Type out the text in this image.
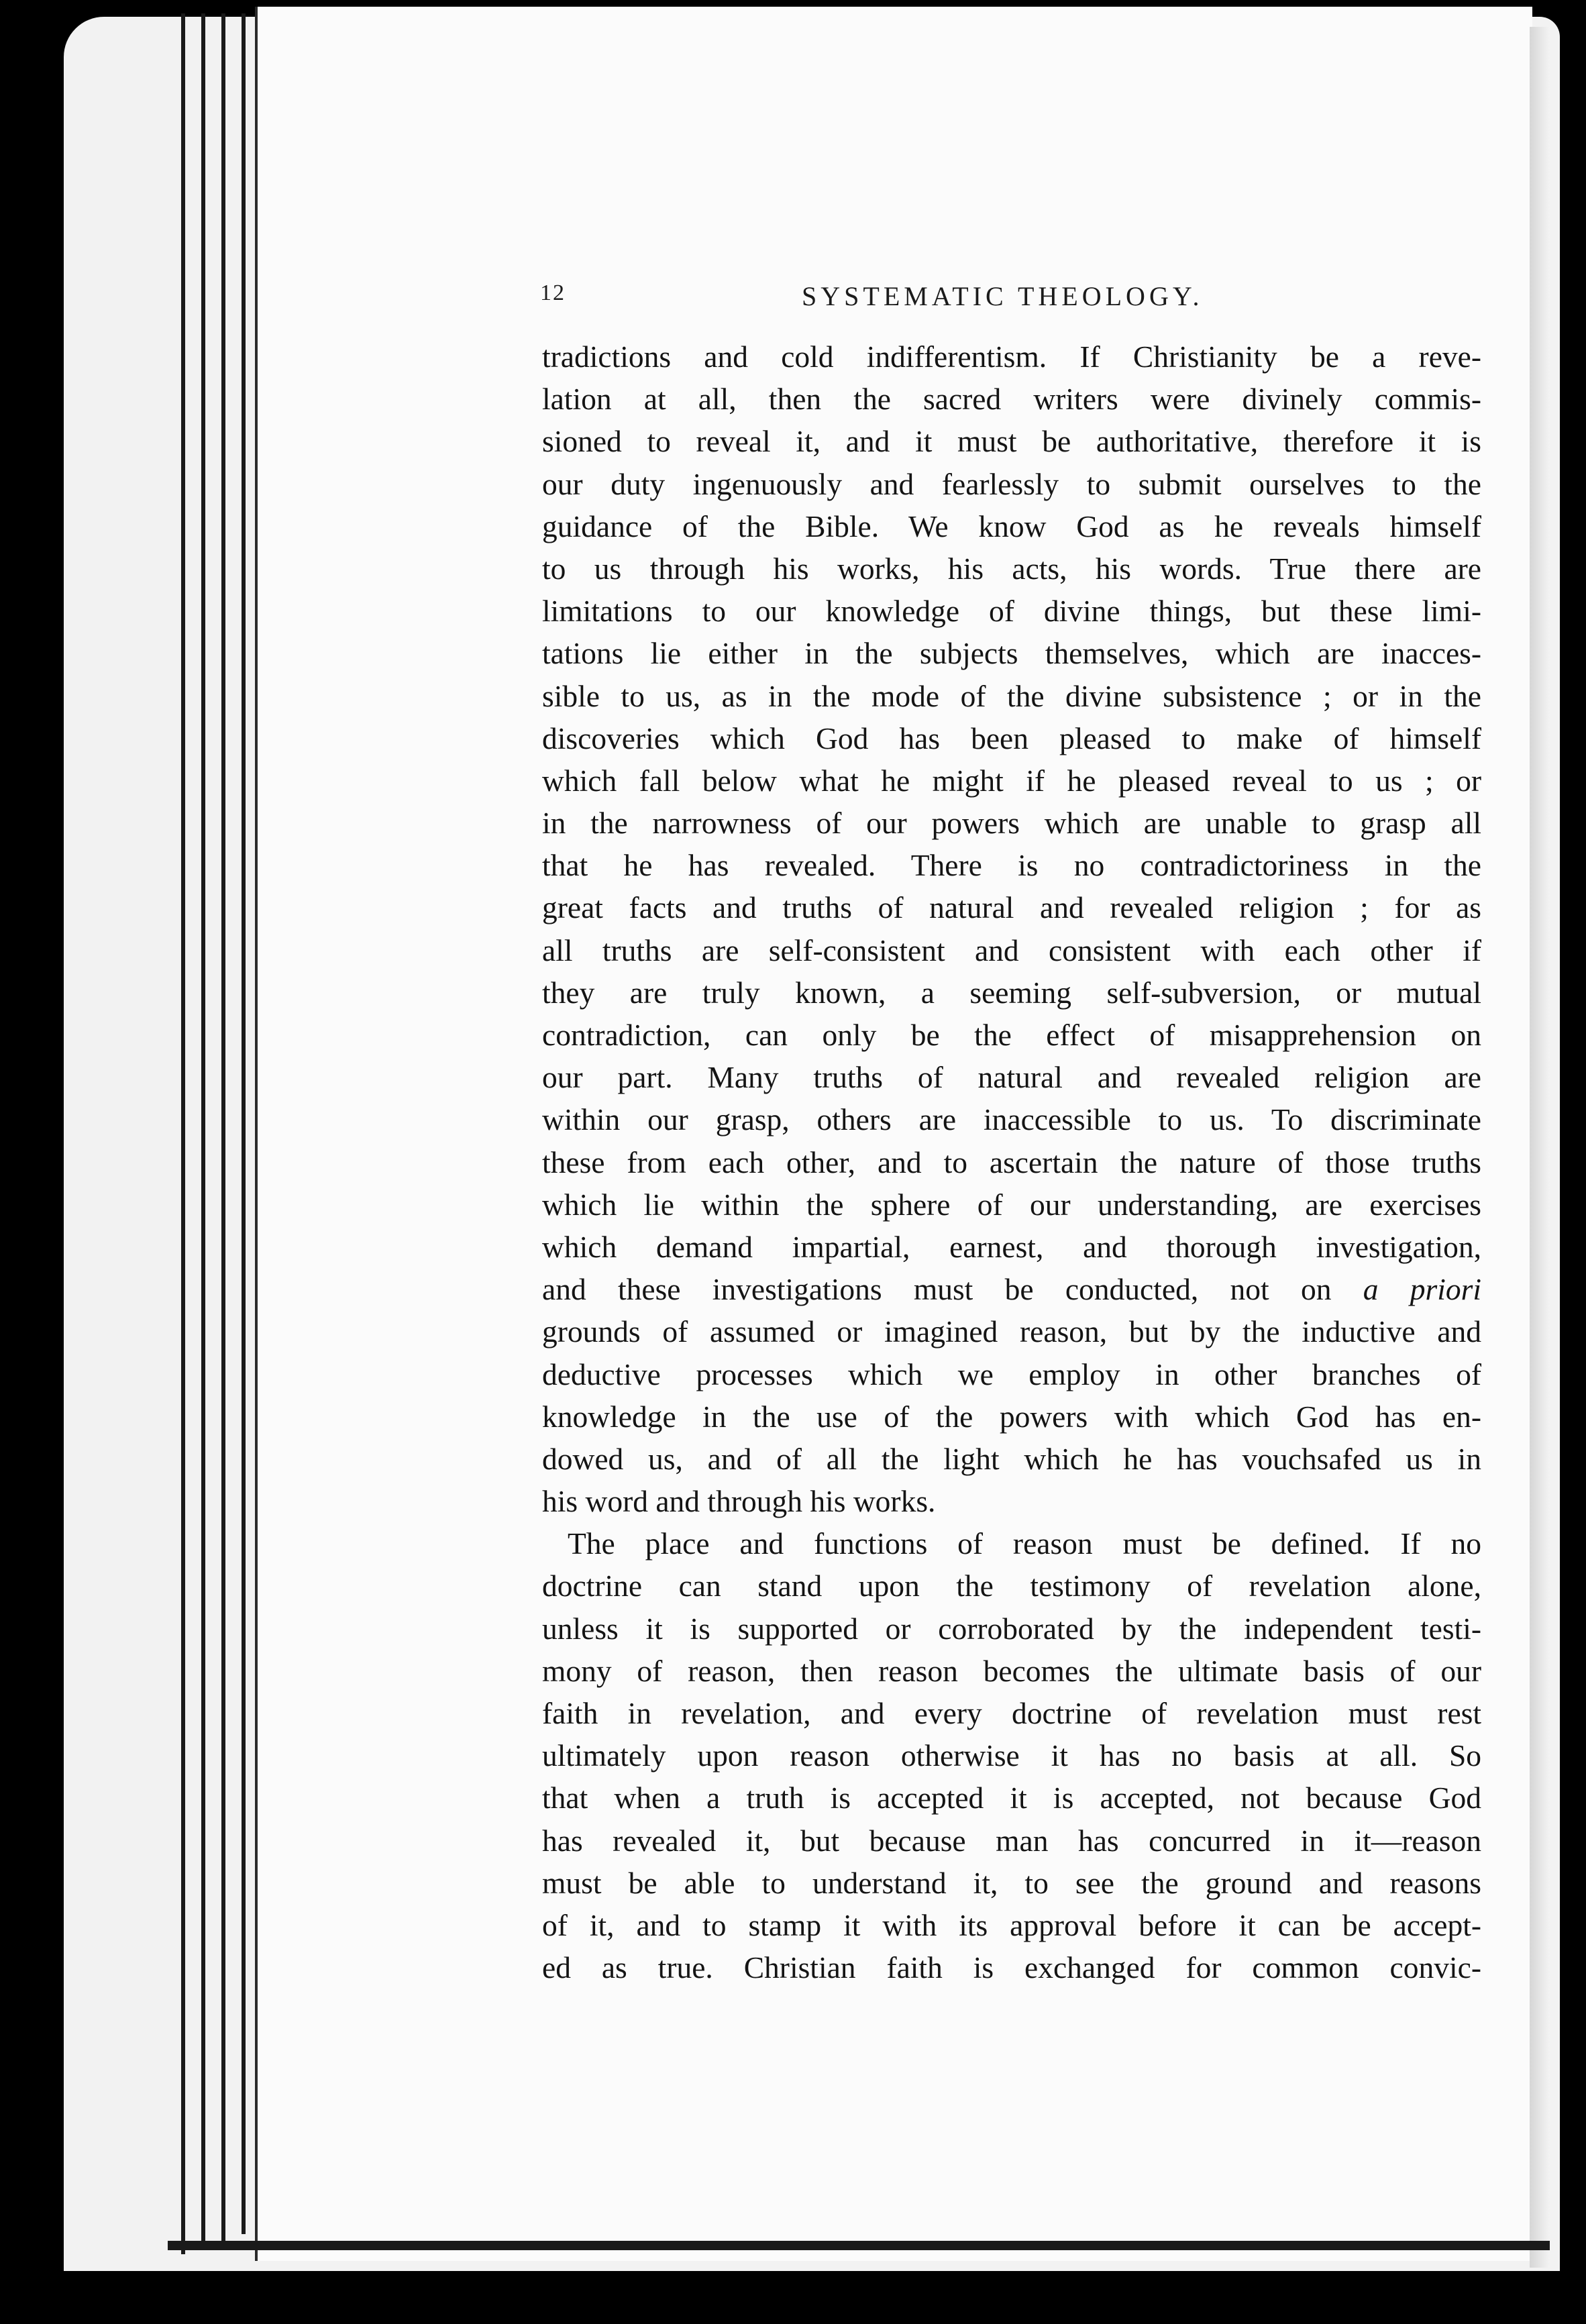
12	SYSTEMATIC THEOLOGY.
tradictions and cold indifferentism. If Christianity be a reve-
lation at all, then the sacred writers were divinely commis-
sioned to reveal it, and it must be authoritative, therefore it is
our duty ingenuously and fearlessly to submit ourselves to the
guidance of the Bible. We know God as he reveals himself
to us through his works, his acts, his words. True there are
limitations to our knowledge of divine things, but these limi-
tations lie either in the subjects themselves, which are inacces-
sible to us, as in the mode of the divine subsistence ; or in the
discoveries which God has been pleased to make of himself
which fall below what he might if he pleased reveal to us ; or
in the narrowness of our powers which are unable to grasp all
that he has revealed. There is no contradictoriness in the
great facts and truths of natural and revealed religion ; for as
all truths are self-consistent and consistent with each other if
they are truly known, a seeming self-subversion, or mutual
contradiction, can only be the effect of misapprehension on
our part. Many truths of natural and revealed religion are
within our grasp, others are inaccessible to us. To discriminate
these from each other, and to ascertain the nature of those truths
which lie within the sphere of our understanding, are exercises
which demand impartial, earnest, and thorough investigation,
and these investigations must be conducted, not on a priori
grounds of assumed or imagined reason, but by the inductive and
deductive processes which we employ in other branches of
knowledge in the use of the powers with which God has en-
dowed us, and of all the light which he has vouchsafed us in
his word and through his works.
The place and functions of reason must be defined. If no
doctrine can stand upon the testimony of revelation alone,
unless it is supported or corroborated by the independent testi-
mony of reason, then reason becomes the ultimate basis of our
faith in revelation, and every doctrine of revelation must rest
ultimately upon reason otherwise it has no basis at all. So
that when a truth is accepted it is accepted, not because God
has revealed it, but because man has concurred in it—reason
must be able to understand it, to see the ground and reasons
of it, and to stamp it with its approval before it can be accept-
ed as true. Christian faith is exchanged for common convic-
